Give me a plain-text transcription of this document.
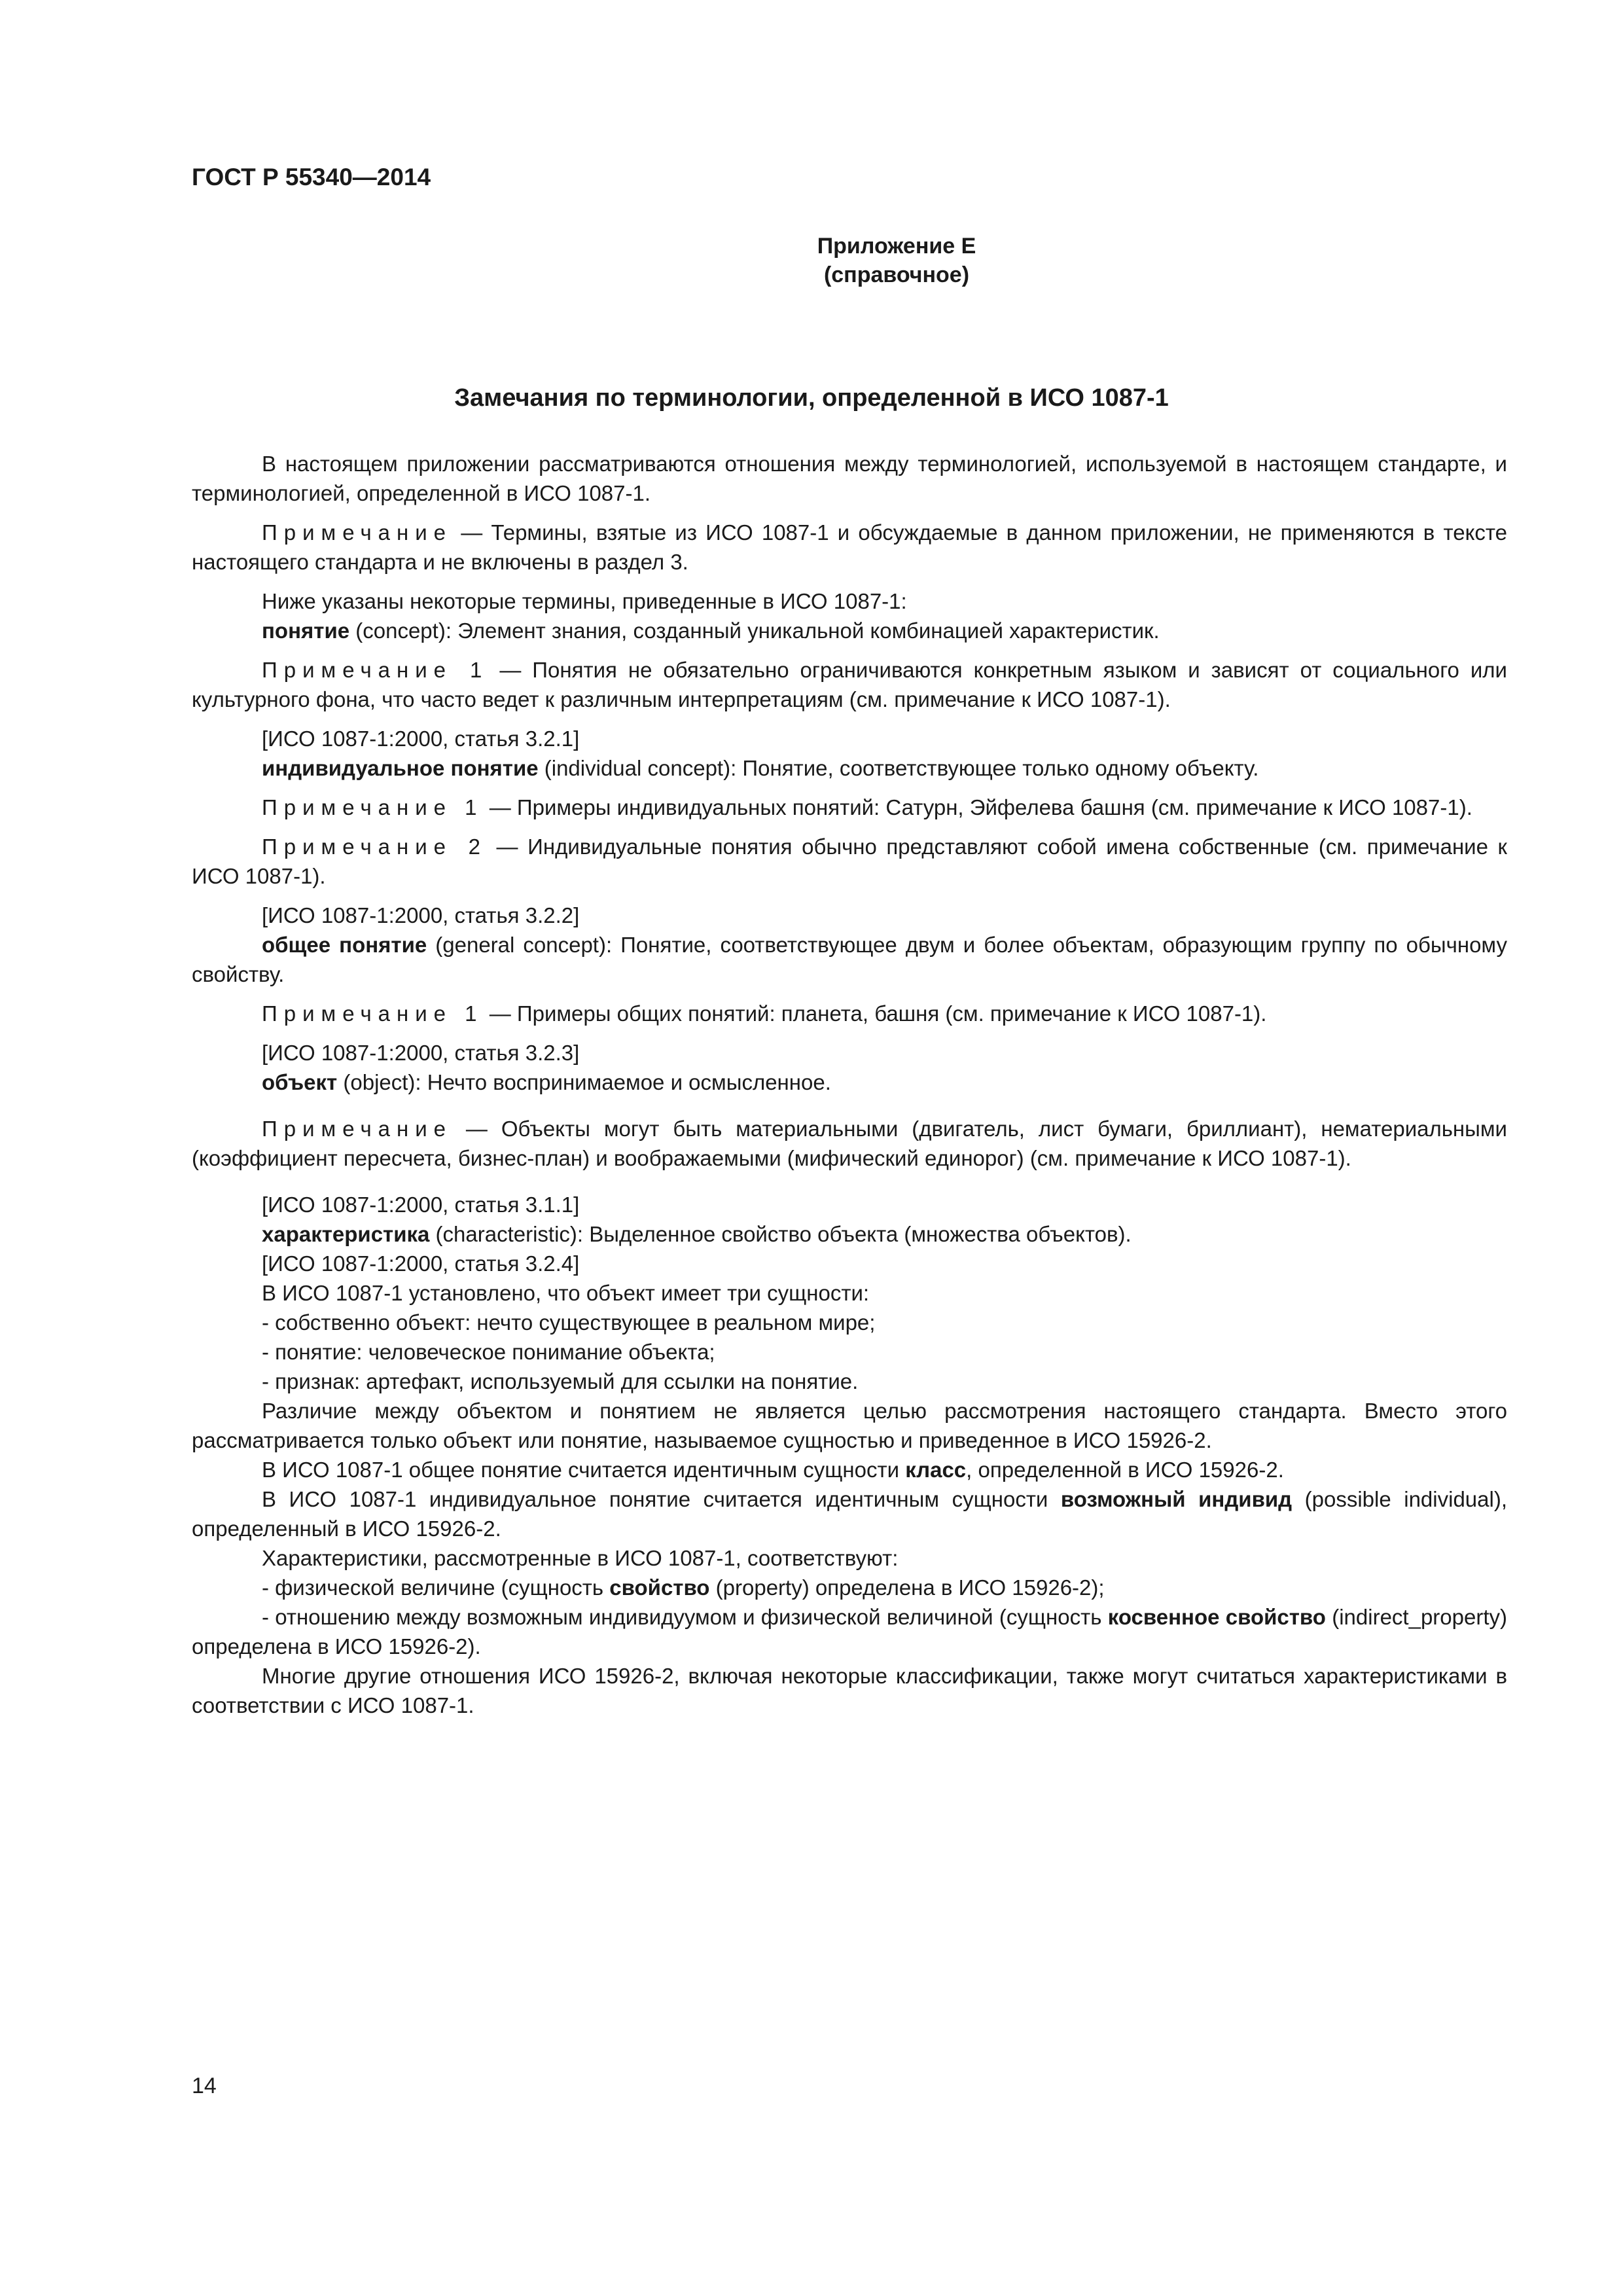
ГОСТ Р 55340—2014
Приложение Е
(справочное)
Замечания по терминологии, определенной в ИСО 1087-1

В настоящем приложении рассматриваются отношения между терминологией, используемой в настоящем стандарте, и терминологией, определенной в ИСО 1087-1.

Примечание — Термины, взятые из ИСО 1087-1 и обсуждаемые в данном приложении, не применяются в тексте настоящего стандарта и не включены в раздел 3.

Ниже указаны некоторые термины, приведенные в ИСО 1087-1:

понятие (concept): Элемент знания, созданный уникальной комбинацией характеристик.

Примечание 1 — Понятия не обязательно ограничиваются конкретным языком и зависят от социального или культурного фона, что часто ведет к различным интерпретациям (см. примечание к ИСО 1087-1).

[ИСО 1087-1:2000, статья 3.2.1]

индивидуальное понятие (individual concept): Понятие, соответствующее только одному объекту.

Примечание 1 — Примеры индивидуальных понятий: Сатурн, Эйфелева башня (см. примечание к ИСО 1087-1).

Примечание 2 — Индивидуальные понятия обычно представляют собой имена собственные (см. примечание к ИСО 1087-1).

[ИСО 1087-1:2000, статья 3.2.2]

общее понятие (general concept): Понятие, соответствующее двум и более объектам, образующим группу по обычному свойству.

Примечание 1 — Примеры общих понятий: планета, башня (см. примечание к ИСО 1087-1).

[ИСО 1087-1:2000, статья 3.2.3]

объект (object): Нечто воспринимаемое и осмысленное.

Примечание — Объекты могут быть материальными (двигатель, лист бумаги, бриллиант), нематериальными (коэффициент пересчета, бизнес-план) и воображаемыми (мифический единорог) (см. примечание к ИСО 1087-1).

[ИСО 1087-1:2000, статья 3.1.1]

характеристика (characteristic): Выделенное свойство объекта (множества объектов).

[ИСО 1087-1:2000, статья 3.2.4]

В ИСО 1087-1 установлено, что объект имеет три сущности:

- собственно объект: нечто существующее в реальном мире;

- понятие: человеческое понимание объекта;

- признак: артефакт, используемый для ссылки на понятие.

Различие между объектом и понятием не является целью рассмотрения настоящего стандарта. Вместо этого рассматривается только объект или понятие, называемое сущностью и приведенное в ИСО 15926-2.

В ИСО 1087-1 общее понятие считается идентичным сущности класс, определенной в ИСО 15926-2.

В ИСО 1087-1 индивидуальное понятие считается идентичным сущности возможный индивид (possible individual), определенный в ИСО 15926-2.

Характеристики, рассмотренные в ИСО 1087-1, соответствуют:

- физической величине (сущность свойство (property) определена в ИСО 15926-2);

- отношению между возможным индивидуумом и физической величиной (сущность косвенное свойство (indirect_property) определена в ИСО 15926-2).

Многие другие отношения ИСО 15926-2, включая некоторые классификации, также могут считаться характеристиками в соответствии с ИСО 1087-1.

14
